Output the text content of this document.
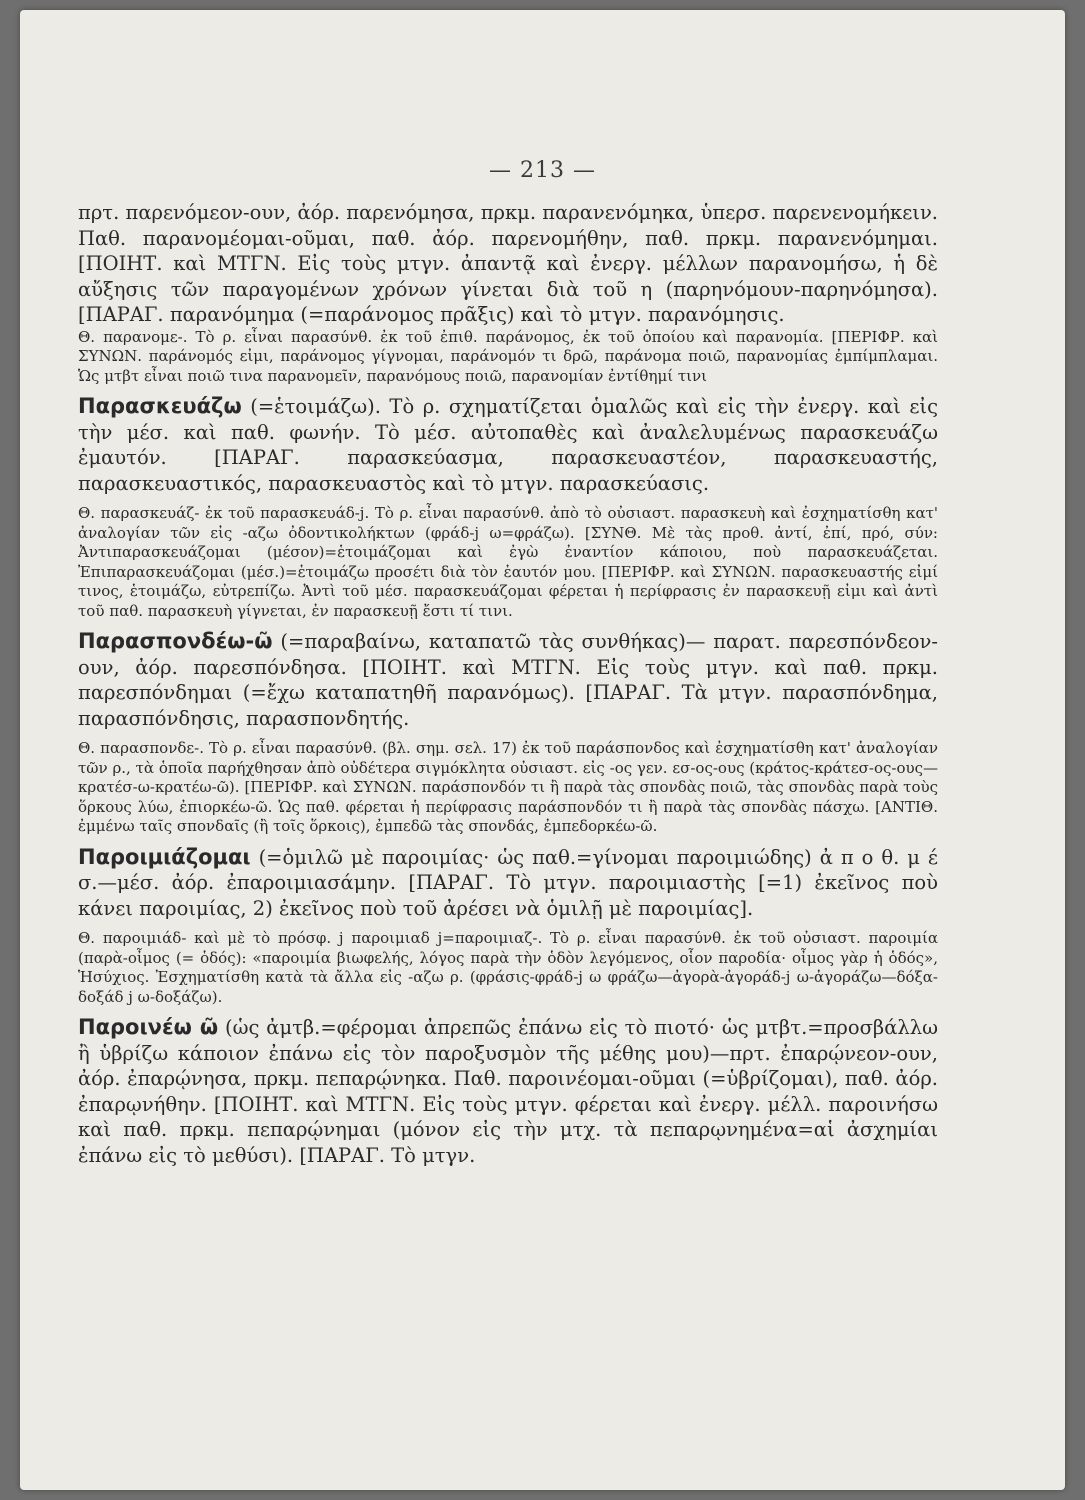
— 213 —

πρτ. παρενόμεον-ουν, ἀόρ. παρενόμησα, πρκμ. παρανενόμηκα, ὑπερσ. παρενενομήκειν. Παθ. παρανομέομαι-οῦμαι, παθ. ἀόρ. παρενομήθην, παθ. πρκμ. παρανενόμημαι. [ΠΟΙΗΤ. καὶ ΜΤΓΝ. Εἰς τοὺς μτγν. ἀπαντᾷ καὶ ἐνεργ. μέλλων παρανομήσω, ἡ δὲ αὔξησις τῶν παραγομένων χρόνων γίνεται διὰ τοῦ η (παρηνόμουν-παρηνόμησα). [ΠΑΡΑΓ. παρανόμημα (=παράνομος πρᾶξις) καὶ τὸ μτγν. παρανόμησις.

Θ. παρανομε-. Τὸ ρ. εἶναι παρασύνθ. ἐκ τοῦ ἐπιθ. παράνομος, ἐκ τοῦ ὁποίου καὶ παρανομία. [ΠΕΡΙΦΡ. καὶ ΣΥΝΩΝ. παράνομός εἰμι, παράνομος γίγνομαι, παράνομόν τι δρῶ, παράνομα ποιῶ, παρανομίας ἐμπίμπλαμαι. Ὡς μτβτ εἶναι ποιῶ τινα παρανομεῖν, παρανόμους ποιῶ, παρανομίαν ἐντίθημί τινι

Παρασκευάζω (=ἑτοιμάζω). Τὸ ρ. σχηματίζεται ὁμαλῶς καὶ εἰς τὴν ἐνεργ. καὶ εἰς τὴν μέσ. καὶ παθ. φωνήν. Τὸ μέσ. αὐτοπαθὲς καὶ ἀναλελυμένως παρασκευάζω ἐμαυτόν. [ΠΑΡΑΓ. παρασκεύασμα, παρασκευαστέον, παρασκευαστής, παρασκευαστικός, παρασκευαστὸς καὶ τὸ μτγν. παρασκεύασις.

Θ. παρασκευάζ- ἐκ τοῦ παρασκευάδ-j. Τὸ ρ. εἶναι παρασύνθ. ἀπὸ τὸ οὐσιαστ. παρασκευὴ καὶ ἐσχηματίσθη κατ' ἀναλογίαν τῶν εἰς -αζω ὀδοντικολήκτων (φράδ-j ω=φράζω). [ΣΥΝΘ. Μὲ τὰς προθ. ἀντί, ἐπί, πρό, σύν: Ἀντιπαρασκευάζομαι (μέσον)=ἑτοιμάζομαι καὶ ἐγὼ ἐναντίον κάποιου, ποὺ παρασκευάζεται. Ἐπιπαρασκευάζομαι (μέσ.)=ἑτοιμάζω προσέτι διὰ τὸν ἑαυτόν μου. [ΠΕΡΙΦΡ. καὶ ΣΥΝΩΝ. παρασκευαστής εἰμί τινος, ἑτοιμάζω, εὐτρεπίζω. Ἀντὶ τοῦ μέσ. παρασκευάζομαι φέρεται ἡ περίφρασις ἐν παρασκευῇ εἰμι καὶ ἀντὶ τοῦ παθ. παρασκευὴ γίγνεται, ἐν παρασκευῇ ἔστι τί τινι.

Παρασπονδέω-ῶ (=παραβαίνω, καταπατῶ τὰς συνθήκας)— παρατ. παρεσπόνδεον-ουν, ἀόρ. παρεσπόνδησα. [ΠΟΙΗΤ. καὶ ΜΤΓΝ. Εἰς τοὺς μτγν. καὶ παθ. πρκμ. παρεσπόνδημαι (=ἔχω καταπατηθῆ παρανόμως). [ΠΑΡΑΓ. Τὰ μτγν. παρασπόνδημα, παρασπόνδησις, παρασπονδητής.

Θ. παρασπονδε-. Τὸ ρ. εἶναι παρασύνθ. (βλ. σημ. σελ. 17) ἐκ τοῦ παράσπονδος καὶ ἐσχηματίσθη κατ' ἀναλογίαν τῶν ρ., τὰ ὁποῖα παρήχθησαν ἀπὸ οὐδέτερα σιγμόκλητα οὐσιαστ. εἰς -ος γεν. εσ-ος-ους (κράτος-κράτεσ-ος-ους—κρατέσ-ω-κρατέω-ῶ). [ΠΕΡΙΦΡ. καὶ ΣΥΝΩΝ. παράσπονδόν τι ἢ παρὰ τὰς σπονδὰς ποιῶ, τὰς σπονδὰς παρὰ τοὺς ὅρκους λύω, ἐπιορκέω-ῶ. Ὡς παθ. φέρεται ἡ περίφρασις παράσπονδόν τι ἢ παρὰ τὰς σπονδὰς πάσχω. [ΑΝΤΙΘ. ἐμμένω ταῖς σπονδαῖς (ἢ τοῖς ὅρκοις), ἐμπεδῶ τὰς σπονδάς, ἐμπεδορκέω-ῶ.

Παροιμιάζομαι (=ὁμιλῶ μὲ παροιμίας· ὡς παθ.=γίνομαι παροιμιώδης) ἀ π ο θ. μ έ σ.—μέσ. ἀόρ. ἐπαροιμιασάμην. [ΠΑΡΑΓ. Τὸ μτγν. παροιμιαστὴς [=1) ἐκεῖνος ποὺ κάνει παροιμίας, 2) ἐκεῖνος ποὺ τοῦ ἀρέσει νὰ ὁμιλῇ μὲ παροιμίας].

Θ. παροιμιάδ- καὶ μὲ τὸ πρόσφ. j παροιμιαδ j=παροιμιαζ-. Τὸ ρ. εἶναι παρασύνθ. ἐκ τοῦ οὐσιαστ. παροιμία (παρὰ-οἶμος (= ὁδός): «παροιμία βιωφελής, λόγος παρὰ τὴν ὁδὸν λεγόμενος, οἷον παροδία· οἶμος γὰρ ἡ ὁδός», Ἡσύχιος. Ἐσχηματίσθη κατὰ τὰ ἄλλα εἰς -αζω ρ. (φράσις-φράδ-j ω φράζω—ἀγορὰ-ἀγοράδ-j ω-ἀγοράζω—δόξα-δοξάδ j ω-δοξάζω).

Παροινέω ῶ (ὡς ἀμτβ.=φέρομαι ἀπρεπῶς ἐπάνω εἰς τὸ πιοτό· ὡς μτβτ.=προσβάλλω ἢ ὑβρίζω κάποιον ἐπάνω εἰς τὸν παροξυσμὸν τῆς μέθης μου)—πρτ. ἐπαρῴνεον-ουν, ἀόρ. ἐπαρῴνησα, πρκμ. πεπαρῴνηκα. Παθ. παροινέομαι-οῦμαι (=ὑβρίζομαι), παθ. ἀόρ. ἐπαρῳνήθην. [ΠΟΙΗΤ. καὶ ΜΤΓΝ. Εἰς τοὺς μτγν. φέρεται καὶ ἐνεργ. μέλλ. παροινήσω καὶ παθ. πρκμ. πεπαρῴνημαι (μόνον εἰς τὴν μτχ. τὰ πεπαρῳνημένα=αἱ ἀσχημίαι ἐπάνω εἰς τὸ μεθύσι). [ΠΑΡΑΓ. Τὸ μτγν.
